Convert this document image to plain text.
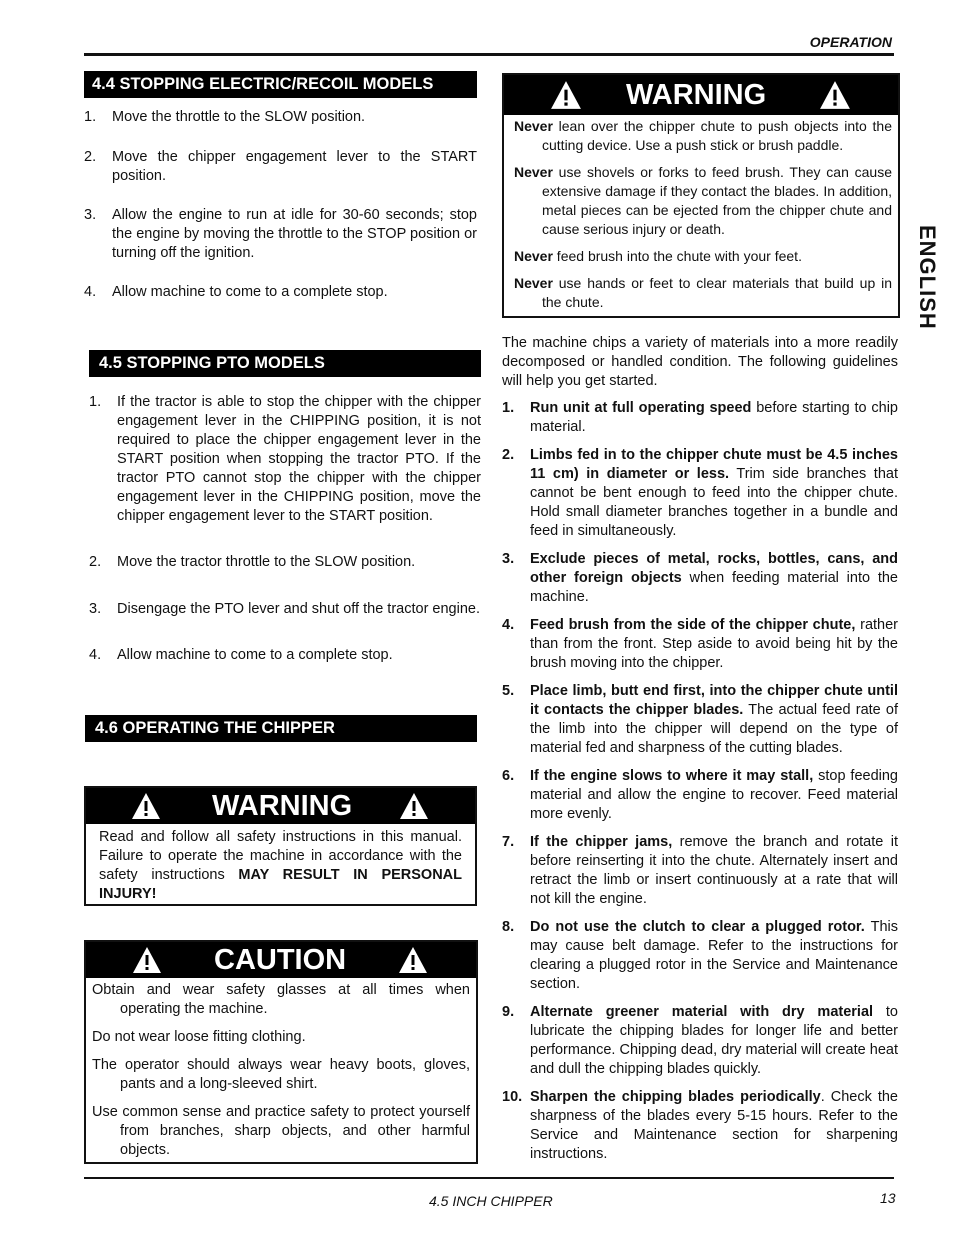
OPERATION
ENGLISH
4.4 STOPPING ELECTRIC/RECOIL MODELS
1. Move the throttle to the SLOW position.
2. Move the chipper engagement lever to the START position.
3. Allow the engine to run at idle for 30-60 seconds; stop the engine by moving the throttle to the STOP position or turning off the ignition.
4. Allow machine to come to a complete stop.
4.5 STOPPING PTO MODELS
1. If the tractor is able to stop the chipper with the chipper engagement lever in the CHIPPING position, it is not required to place the chipper engagement lever in the START position when stopping the tractor PTO. If the tractor PTO cannot stop the chipper with the chipper engagement lever in the CHIPPING position, move the chipper engagement lever to the START position.
2. Move the tractor throttle to the SLOW position.
3. Disengage the PTO lever and shut off the tractor engine.
4. Allow machine to come to a complete stop.
4.6 OPERATING THE CHIPPER
WARNING

Read and follow all safety instructions in this manual. Failure to operate the machine in accordance with the safety instructions MAY RESULT IN PERSONAL INJURY!

CAUTION

Obtain and wear safety glasses at all times when operating the machine.

Do not wear loose fitting clothing.

The operator should always wear heavy boots, gloves, pants and a long-sleeved shirt.

Use common sense and practice safety to protect yourself from branches, sharp objects, and other harmful objects.

WARNING

Never lean over the chipper chute to push objects into the cutting device. Use a push stick or brush paddle.

Never use shovels or forks to feed brush. They can cause extensive damage if they contact the blades. In addition, metal pieces can be ejected from the chipper chute and cause serious injury or death.

Never feed brush into the chute with your feet.

Never use hands or feet to clear materials that build up in the chute.

The machine chips a variety of materials into a more readily decomposed or handled condition. The following guidelines will help you get started.

1. Run unit at full operating speed before starting to chip material.
2. Limbs fed in to the chipper chute must be 4.5 inches 11 cm) in diameter or less. Trim side branches that cannot be bent enough to feed into the chipper chute. Hold small diameter branches together in a bundle and feed in simultaneously.
3. Exclude pieces of metal, rocks, bottles, cans, and other foreign objects when feeding material into the machine.
4. Feed brush from the side of the chipper chute, rather than from the front. Step aside to avoid being hit by the brush moving into the chipper.
5. Place limb, butt end first, into the chipper chute until it contacts the chipper blades. The actual feed rate of the limb into the chipper will depend on the type of material fed and sharpness of the cutting blades.
6. If the engine slows to where it may stall, stop feeding material and allow the engine to recover. Feed material more evenly.
7. If the chipper jams, remove the branch and rotate it before reinserting it into the chute. Alternately insert and retract the limb or insert continuously at a rate that will not kill the engine.
8. Do not use the clutch to clear a plugged rotor. This may cause belt damage. Refer to the instructions for clearing a plugged rotor in the Service and Maintenance section.
9. Alternate greener material with dry material to lubricate the chipping blades for longer life and better performance. Chipping dead, dry material will create heat and dull the chipping blades quickly.
10. Sharpen the chipping blades periodically. Check the sharpness of the blades every 5-15 hours. Refer to the Service and Maintenance section for sharpening instructions.
4.5 INCH CHIPPER	13
